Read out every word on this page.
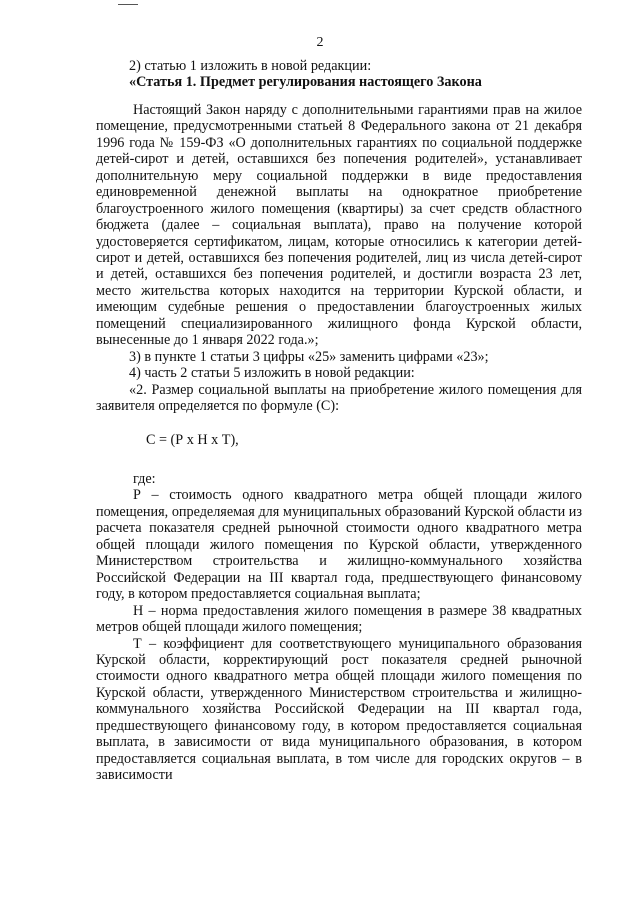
2

2) статью 1 изложить в новой редакции:

«Статья 1. Предмет регулирования настоящего Закона

Настоящий Закон наряду с дополнительными гарантиями прав на жилое помещение, предусмотренными статьей 8 Федерального закона от 21 декабря 1996 года № 159-ФЗ «О дополнительных гарантиях по социальной поддержке детей-сирот и детей, оставшихся без попечения родителей», устанавливает дополнительную меру социальной поддержки в виде предоставления единовременной денежной выплаты на однократное приобретение благоустроенного жилого помещения (квартиры) за счет средств областного бюджета (далее – социальная выплата), право на получение которой удостоверяется сертификатом, лицам, которые относились к категории детей-сирот и детей, оставшихся без попечения родителей, лиц из числа детей-сирот и детей, оставшихся без попечения родителей, и достигли возраста 23 лет, место жительства которых находится на территории Курской области, и имеющим судебные решения о предоставлении благоустроенных жилых помещений специализированного жилищного фонда Курской области, вынесенные до 1 января 2022 года.»;

3) в пункте 1 статьи 3 цифры «25» заменить цифрами «23»;

4) часть 2 статьи 5 изложить в новой редакции:

«2. Размер социальной выплаты на приобретение жилого помещения для заявителя определяется по формуле (С):

С = (Р х Н х Т),

где:

Р – стоимость одного квадратного метра общей площади жилого помещения, определяемая для муниципальных образований Курской области из расчета показателя средней рыночной стоимости одного квадратного метра общей площади жилого помещения по Курской области, утвержденного Министерством строительства и жилищно-коммунального хозяйства Российской Федерации на III квартал года, предшествующего финансовому году, в котором предоставляется социальная выплата;

Н – норма предоставления жилого помещения в размере 38 квадратных метров общей площади жилого помещения;

Т – коэффициент для соответствующего муниципального образования Курской области, корректирующий рост показателя средней рыночной стоимости одного квадратного метра общей площади жилого помещения по Курской области, утвержденного Министерством строительства и жилищно-коммунального хозяйства Российской Федерации на III квартал года, предшествующего финансовому году, в котором предоставляется социальная выплата, в зависимости от вида муниципального образования, в котором предоставляется социальная выплата, в том числе для городских округов – в зависимости
